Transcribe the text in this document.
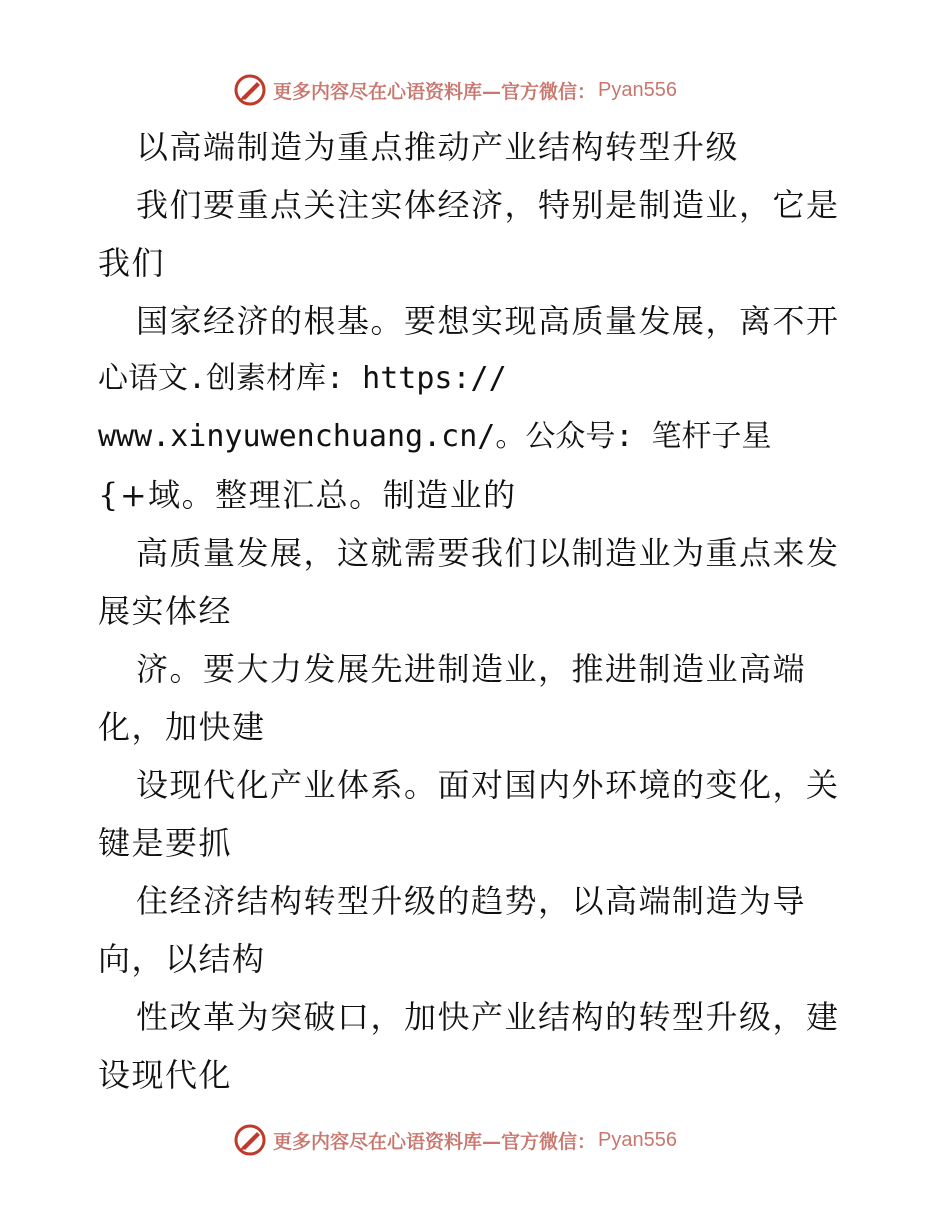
更多内容尽在心语资料库—官方微信： Pyan556
以高端制造为重点推动产业结构转型升级
我们要重点关注实体经济，特别是制造业，它是
我们
国家经济的根基。要想实现高质量发展，离不开
心语文.创素材库: https://
www.xinyuwenchuang.cn/。公众号: 笔杆子星
{+域。整理汇总。制造业的
高质量发展，这就需要我们以制造业为重点来发
展实体经
济。要大力发展先进制造业，推进制造业高端
化，加快建
设现代化产业体系。面对国内外环境的变化，关
键是要抓
住经济结构转型升级的趋势，以高端制造为导
向，以结构
性改革为突破口，加快产业结构的转型升级，建
设现代化
更多内容尽在心语资料库—官方微信： Pyan556
